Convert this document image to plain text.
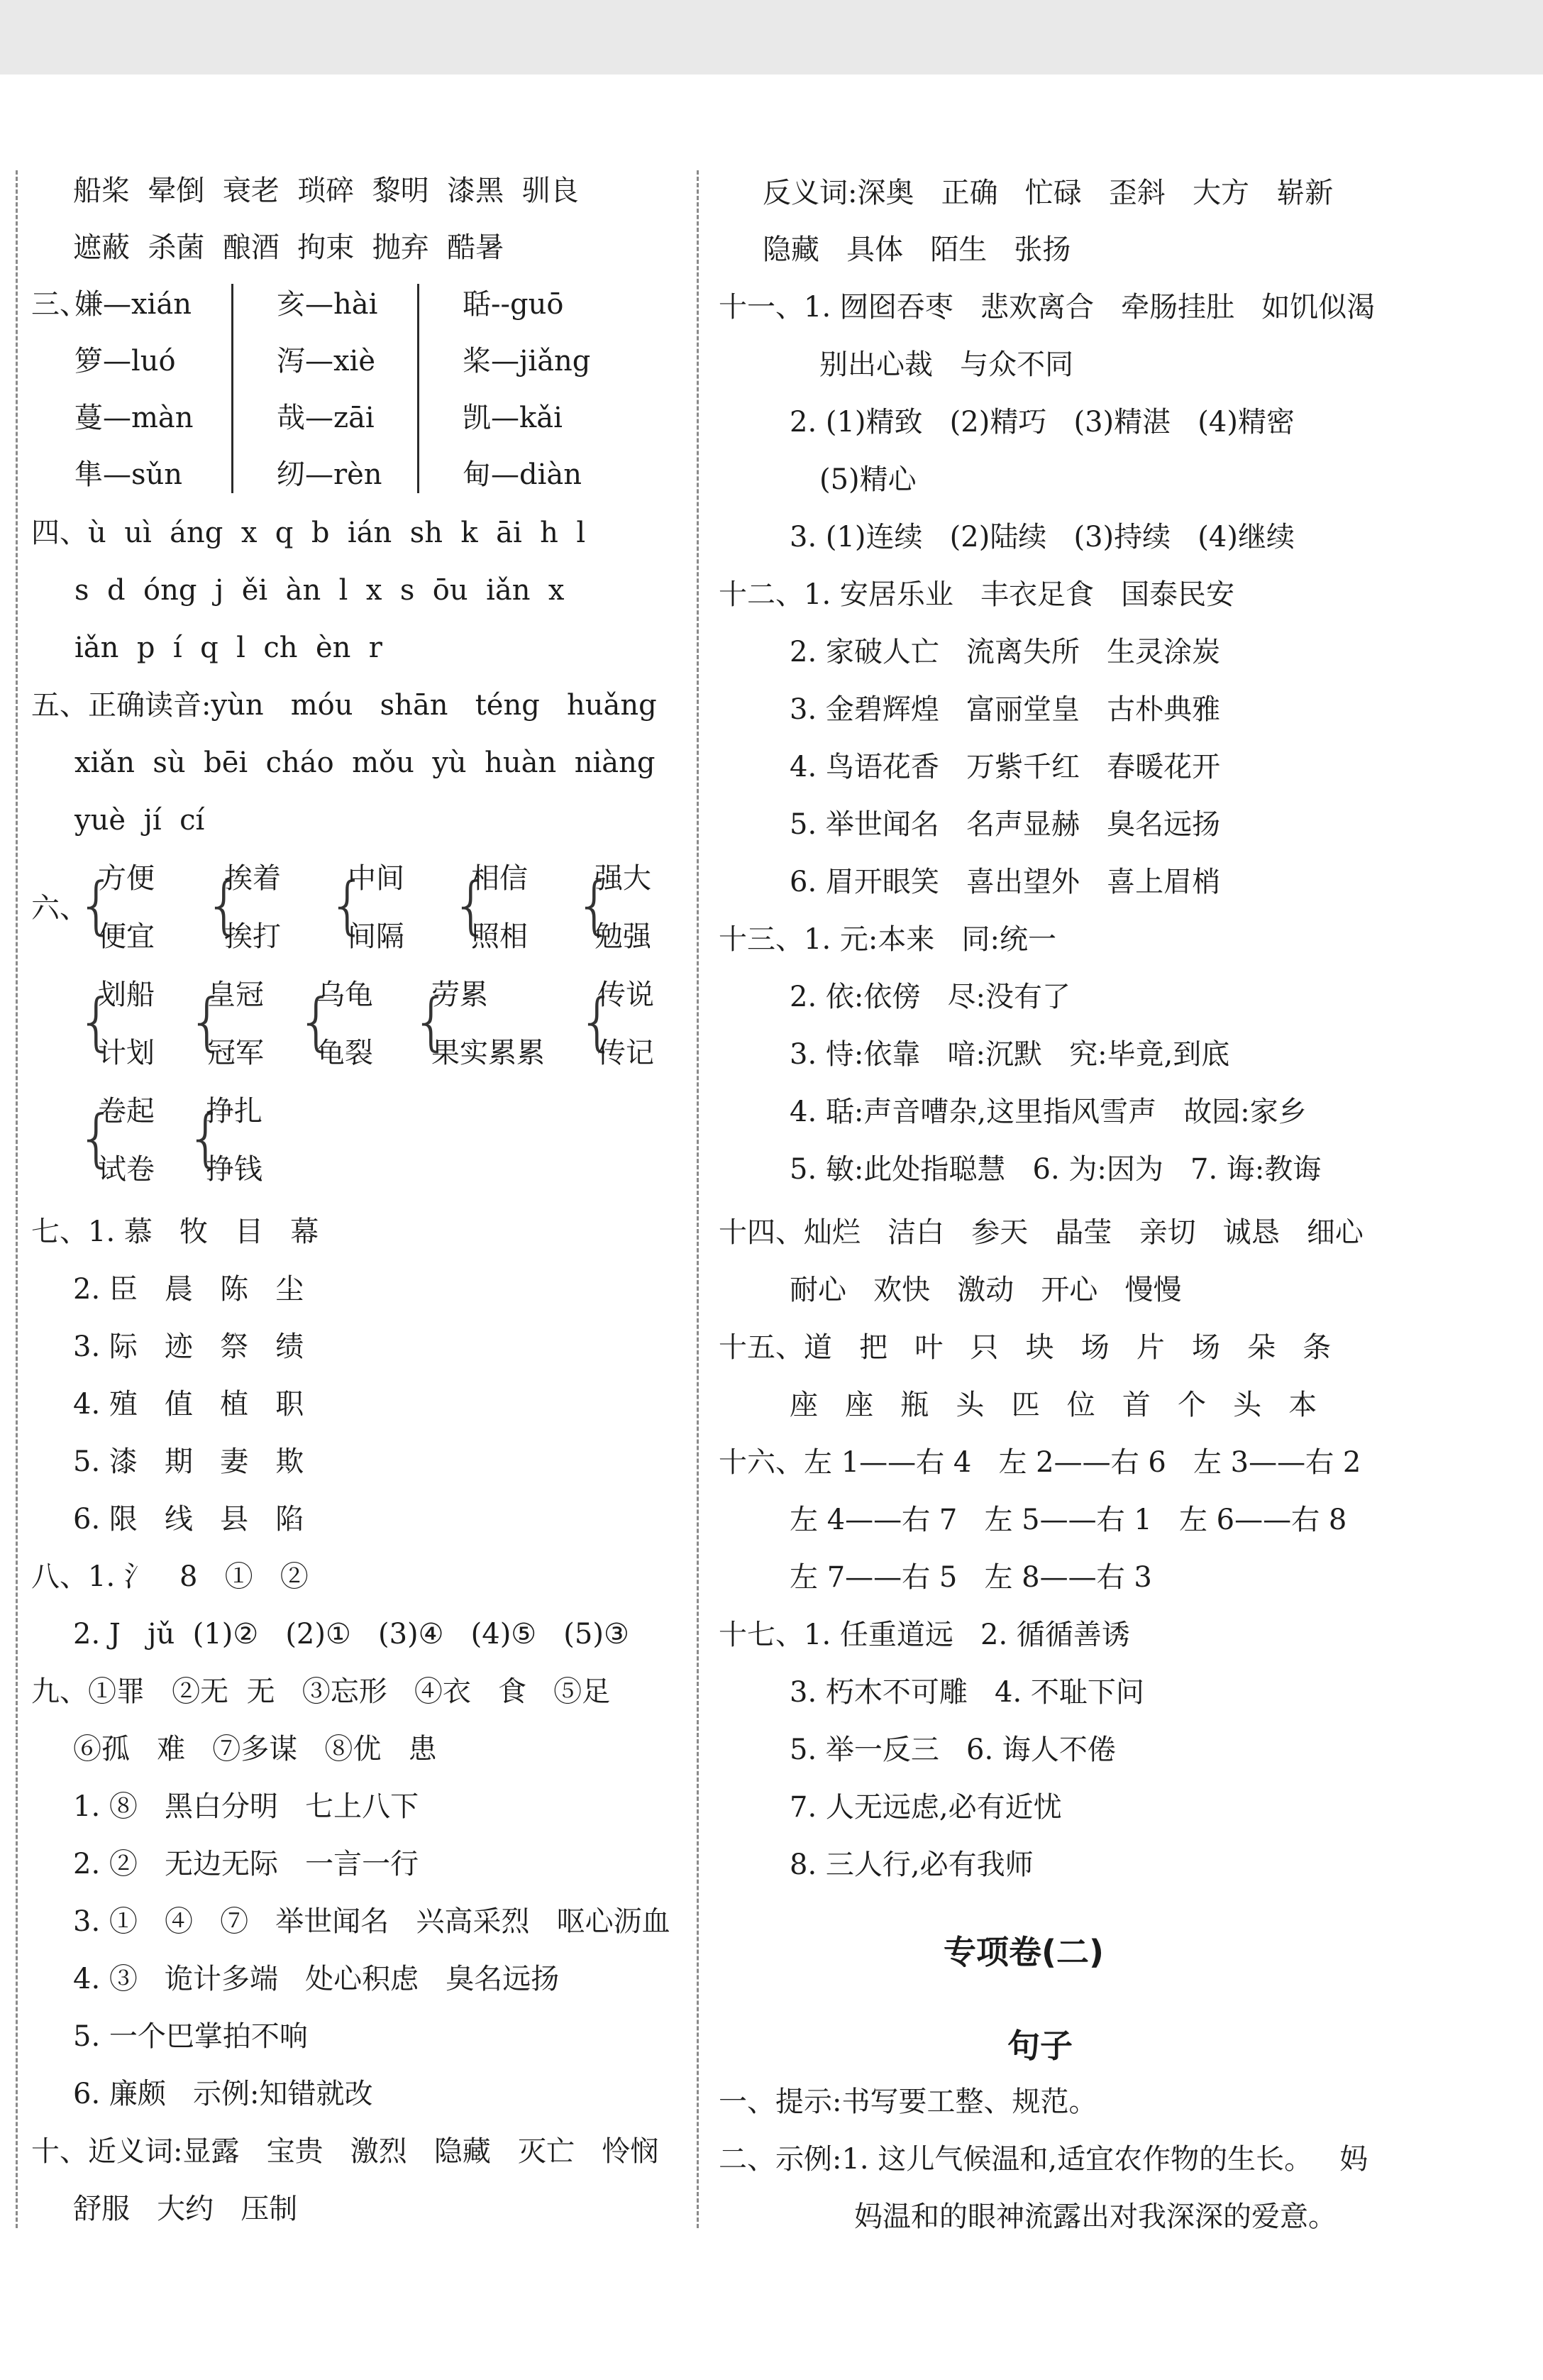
船桨  晕倒  衰老  琐碎  黎明  漆黑  驯良
遮蔽  杀菌  酿酒  拘束  抛弃  酷暑
三、
嫌—xián
箩—luó
蔓—màn
隼—sǔn
亥—hài
泻—xiè
哉—zāi
纫—rèn
聒--guō
桨—jiǎng
凯—kǎi
甸—diàn
四、ù  uì  áng  x  q  b  ián  sh  k  āi  h  l
s  d  óng  j  ěi  àn  l  x  s  ōu  iǎn  x
iǎn  p  í  q  l  ch  èn  r
五、正确读音:yùn   móu   shān   téng   huǎng
xiǎn  sù  bēi  cháo  mǒu  yù  huàn  niàng
yuè  jí  cí
六、
{
方便
便宜 {
挨着
挨打 {
中间
间隔 {
相信
照相 {
强大
勉强
{
划船
计划 {
皇冠
冠军 {
乌龟
龟裂 {
劳累
果实累累 {
传说
传记
{
卷起
试卷 {
挣扎
挣钱
七、1. 慕   牧   目   幕
2. 臣   晨   陈   尘
3. 际   迹   祭   绩
4. 殖   值   植   职
5. 漆   期   妻   欺
6. 限   线   县   陷
八、1. 氵   8   ①   ②
2. J   jǔ  (1)②   (2)①   (3)④   (4)⑤   (5)③
九、①罪   ②无  无   ③忘形   ④衣   食   ⑤足
⑥孤   难   ⑦多谋   ⑧优   患
1. ⑧   黑白分明   七上八下
2. ②   无边无际   一言一行
3. ①   ④   ⑦   举世闻名   兴高采烈   呕心沥血
4. ③   诡计多端   处心积虑   臭名远扬
5. 一个巴掌拍不响
6. 廉颇   示例:知错就改
十、近义词:显露   宝贵   激烈   隐藏   灭亡   怜悯
舒服   大约   压制
反义词:深奥   正确   忙碌   歪斜   大方   崭新
隐藏   具体   陌生   张扬
十一、1. 囫囵吞枣   悲欢离合   牵肠挂肚   如饥似渴
别出心裁   与众不同
2. (1)精致   (2)精巧   (3)精湛   (4)精密
(5)精心
3. (1)连续   (2)陆续   (3)持续   (4)继续
十二、1. 安居乐业   丰衣足食   国泰民安
2. 家破人亡   流离失所   生灵涂炭
3. 金碧辉煌   富丽堂皇   古朴典雅
4. 鸟语花香   万紫千红   春暖花开
5. 举世闻名   名声显赫   臭名远扬
6. 眉开眼笑   喜出望外   喜上眉梢
十三、1. 元:本来   同:统一
2. 依:依傍   尽:没有了
3. 恃:依靠   喑:沉默   究:毕竟,到底
4. 聒:声音嘈杂,这里指风雪声   故园:家乡
5. 敏:此处指聪慧   6. 为:因为   7. 诲:教诲
十四、灿烂   洁白   参天   晶莹   亲切   诚恳   细心
耐心   欢快   激动   开心   慢慢
十五、道   把   叶   只   块   场   片   场   朵   条
座   座   瓶   头   匹   位   首   个   头   本
十六、左 1——右 4   左 2——右 6   左 3——右 2
左 4——右 7   左 5——右 1   左 6——右 8
左 7——右 5   左 8——右 3
十七、1. 任重道远   2. 循循善诱
3. 朽木不可雕   4. 不耻下问
5. 举一反三   6. 诲人不倦
7. 人无远虑,必有近忧
8. 三人行,必有我师
专项卷(二)
句子
一、提示:书写要工整、规范。
二、示例:1. 这儿气候温和,适宜农作物的生长。   妈
妈温和的眼神流露出对我深深的爱意。
